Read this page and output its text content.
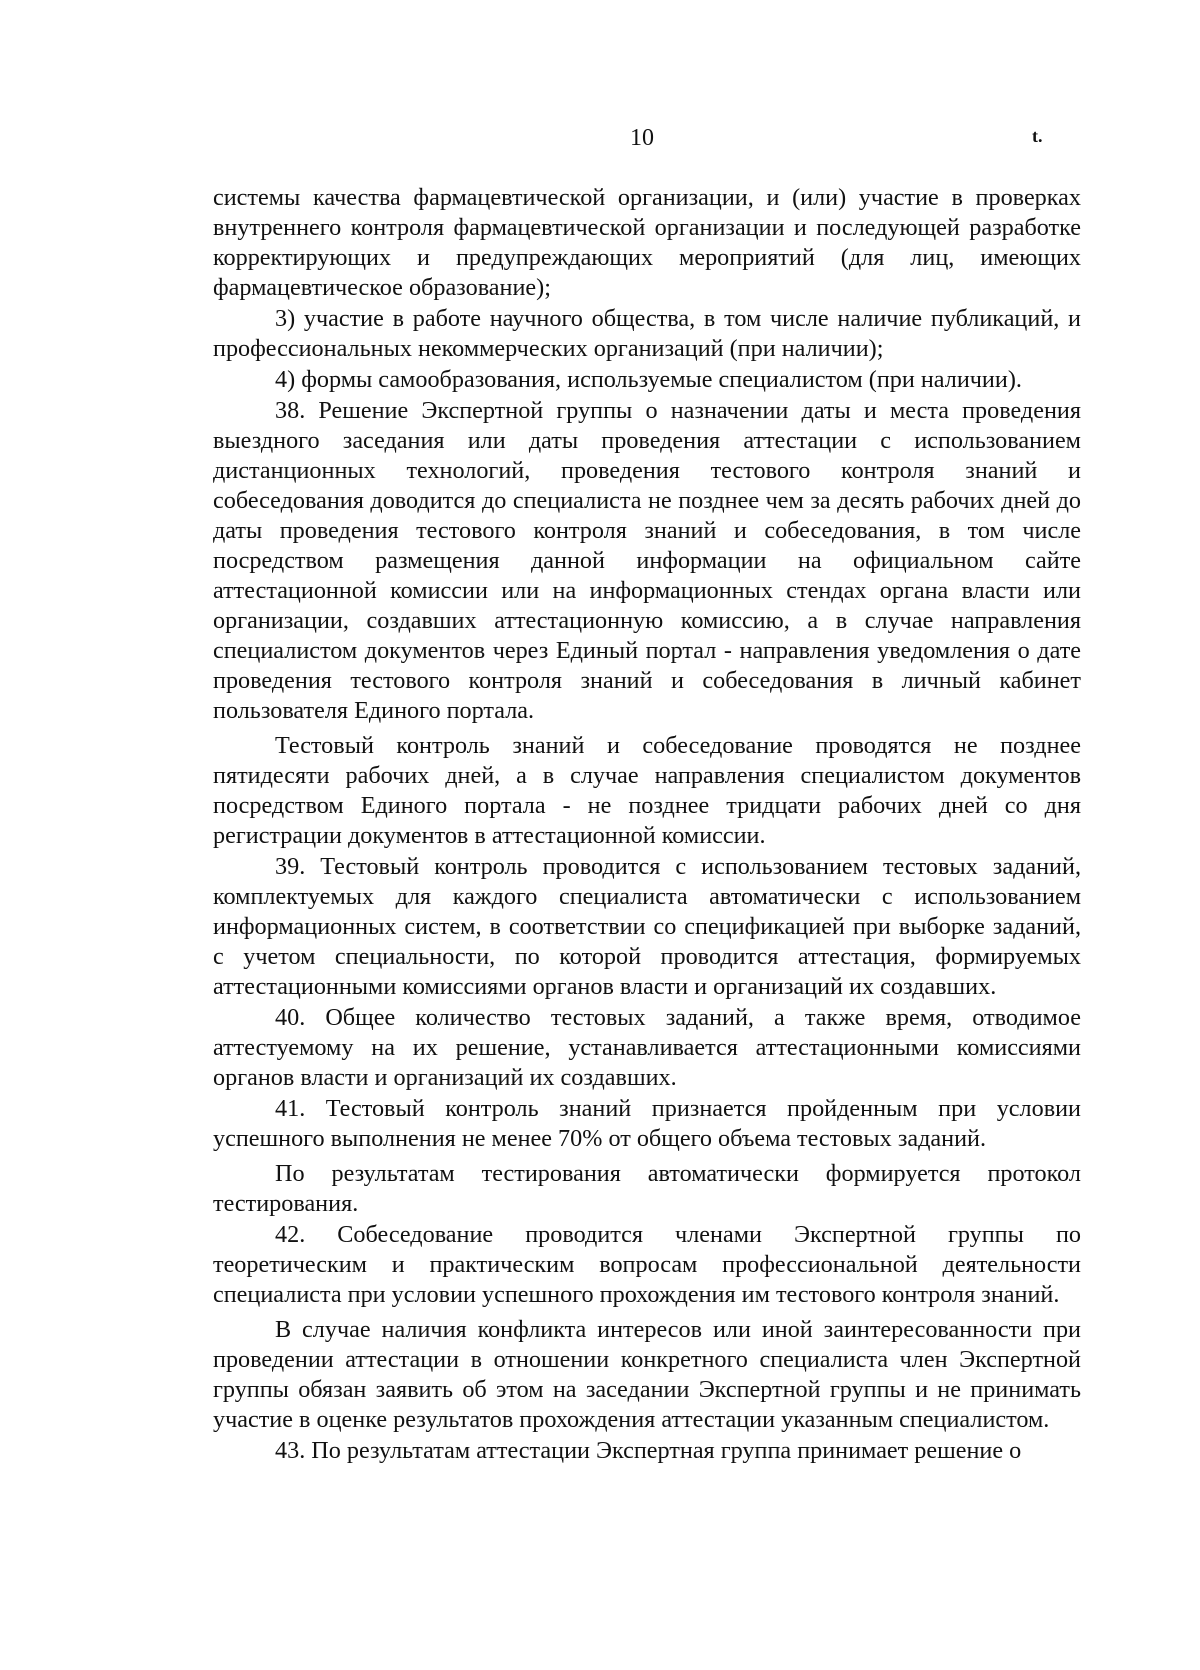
10	t.

системы качества фармацевтической организации, и (или) участие в проверках внутреннего контроля фармацевтической организации и последующей разработке корректирующих и предупреждающих мероприятий (для лиц, имеющих фармацевтическое образование);

3) участие в работе научного общества, в том числе наличие публикаций, и профессиональных некоммерческих организаций (при наличии);

4) формы самообразования, используемые специалистом (при наличии).

38. Решение Экспертной группы о назначении даты и места проведения выездного заседания или даты проведения аттестации с использованием дистанционных технологий, проведения тестового контроля знаний и собеседования доводится до специалиста не позднее чем за десять рабочих дней до даты проведения тестового контроля знаний и собеседования, в том числе посредством размещения данной информации на официальном сайте аттестационной комиссии или на информационных стендах органа власти или организации, создавших аттестационную комиссию, а в случае направления специалистом документов через Единый портал - направления уведомления о дате проведения тестового контроля знаний и собеседования в личный кабинет пользователя Единого портала.

Тестовый контроль знаний и собеседование проводятся не позднее пятидесяти рабочих дней, а в случае направления специалистом документов посредством Единого портала - не позднее тридцати рабочих дней со дня регистрации документов в аттестационной комиссии.

39. Тестовый контроль проводится с использованием тестовых заданий, комплектуемых для каждого специалиста автоматически с использованием информационных систем, в соответствии со спецификацией при выборке заданий, с учетом специальности, по которой проводится аттестация, формируемых аттестационными комиссиями органов власти и организаций их создавших.

40. Общее количество тестовых заданий, а также время, отводимое аттестуемому на их решение, устанавливается аттестационными комиссиями органов власти и организаций их создавших.

41. Тестовый контроль знаний признается пройденным при условии успешного выполнения не менее 70% от общего объема тестовых заданий.

По результатам тестирования автоматически формируется протокол тестирования.

42. Собеседование проводится членами Экспертной группы по теоретическим и практическим вопросам профессиональной деятельности специалиста при условии успешного прохождения им тестового контроля знаний.

В случае наличия конфликта интересов или иной заинтересованности при проведении аттестации в отношении конкретного специалиста член Экспертной группы обязан заявить об этом на заседании Экспертной группы и не принимать участие в оценке результатов прохождения аттестации указанным специалистом.

43. По результатам аттестации Экспертная группа принимает решение о
